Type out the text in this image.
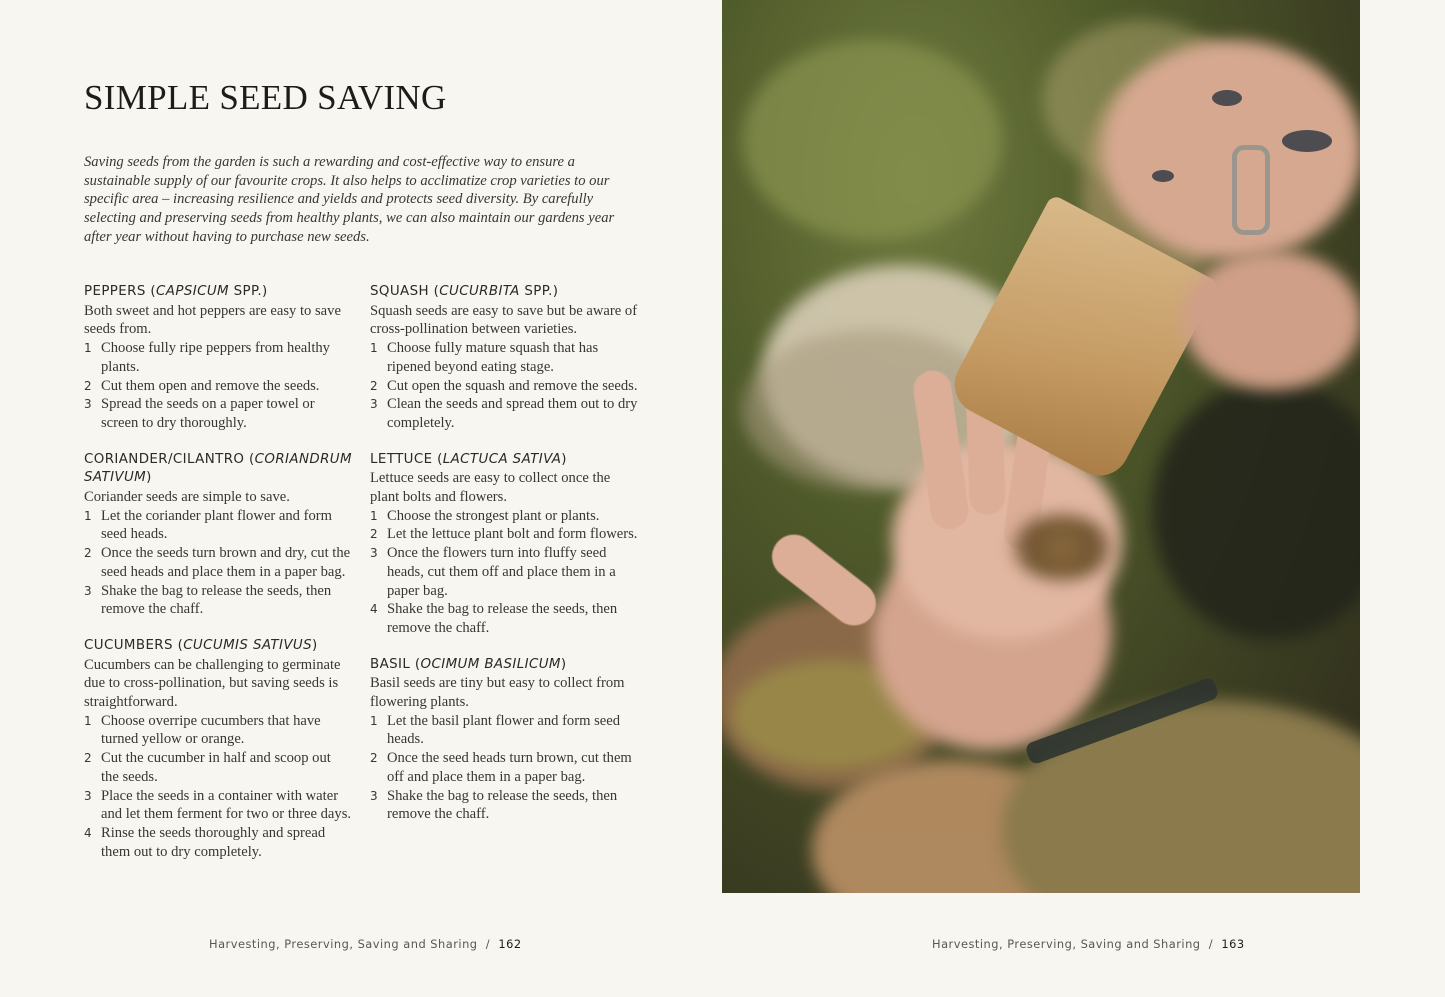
SIMPLE SEED SAVING

Saving seeds from the garden is such a rewarding and cost-effective way to ensure a sustainable supply of our favourite crops. It also helps to acclimatize crop varieties to our specific area – increasing resilience and yields and protects seed diversity. By carefully selecting and preserving seeds from healthy plants, we can also maintain our gardens year after year without having to purchase new seeds.

PEPPERS (CAPSICUM SPP.)

Both sweet and hot peppers are easy to save seeds from.

1 Choose fully ripe peppers from healthy plants.
2 Cut them open and remove the seeds.
3 Spread the seeds on a paper towel or screen to dry thoroughly.

CORIANDER/CILANTRO (CORIANDRUM SATIVUM)

Coriander seeds are simple to save.

1 Let the coriander plant flower and form seed heads.
2 Once the seeds turn brown and dry, cut the seed heads and place them in a paper bag.
3 Shake the bag to release the seeds, then remove the chaff.

CUCUMBERS (CUCUMIS SATIVUS)

Cucumbers can be challenging to germinate due to cross-pollination, but saving seeds is straightforward.

1 Choose overripe cucumbers that have turned yellow or orange.
2 Cut the cucumber in half and scoop out the seeds.
3 Place the seeds in a container with water and let them ferment for two or three days.
4 Rinse the seeds thoroughly and spread them out to dry completely.

SQUASH (CUCURBITA SPP.)

Squash seeds are easy to save but be aware of cross-pollination between varieties.

1 Choose fully mature squash that has ripened beyond eating stage.
2 Cut open the squash and remove the seeds.
3 Clean the seeds and spread them out to dry completely.

LETTUCE (LACTUCA SATIVA)

Lettuce seeds are easy to collect once the plant bolts and flowers.

1 Choose the strongest plant or plants.
2 Let the lettuce plant bolt and form flowers.
3 Once the flowers turn into fluffy seed heads, cut them off and place them in a paper bag.
4 Shake the bag to release the seeds, then remove the chaff.

BASIL (OCIMUM BASILICUM)

Basil seeds are tiny but easy to collect from flowering plants.

1 Let the basil plant flower and form seed heads.
2 Once the seed heads turn brown, cut them off and place them in a paper bag.
3 Shake the bag to release the seeds, then remove the chaff.
Harvesting, Preserving, Saving and Sharing / 162	Harvesting, Preserving, Saving and Sharing / 163
